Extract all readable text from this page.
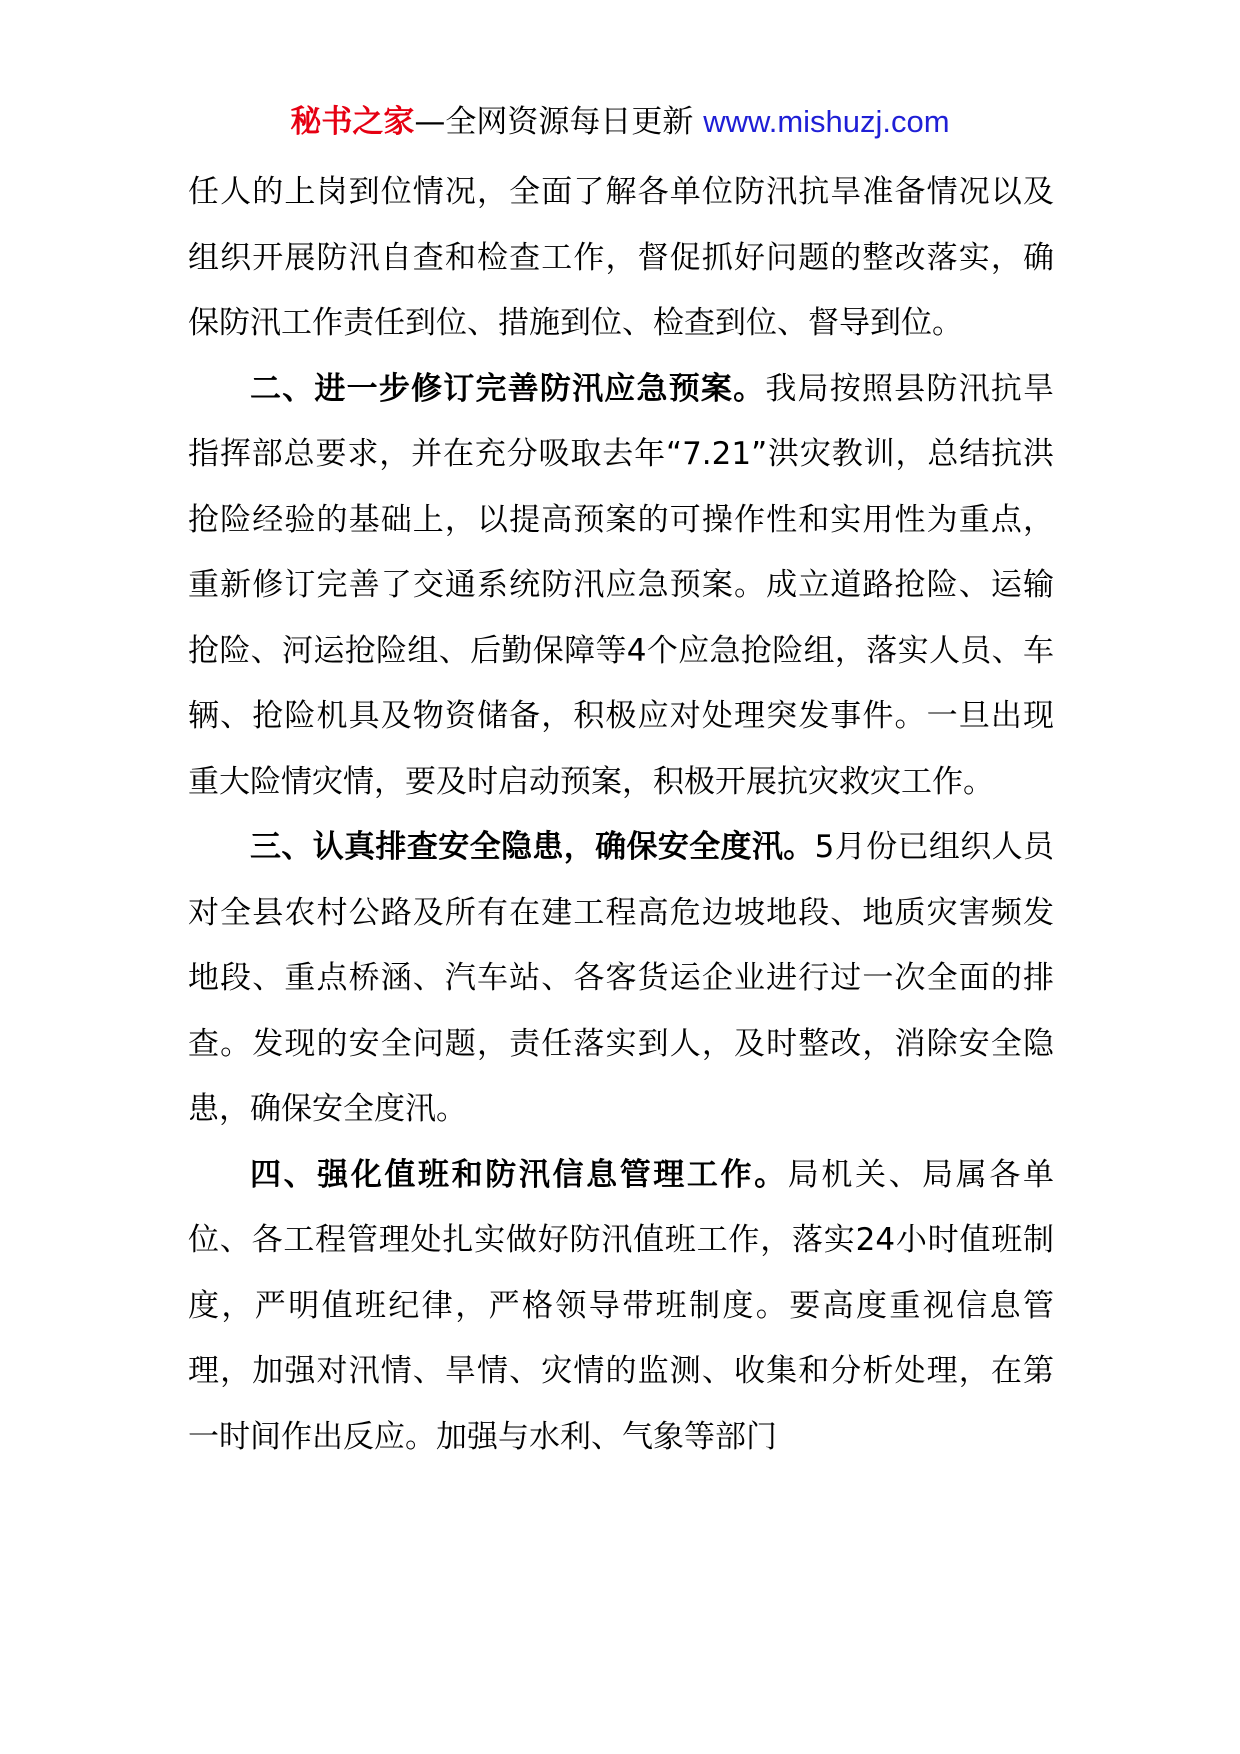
秘书之家—全网资源每日更新 www.mishuzj.com

任人的上岗到位情况，全面了解各单位防汛抗旱准备情况以及组织开展防汛自查和检查工作，督促抓好问题的整改落实，确保防汛工作责任到位、措施到位、检查到位、督导到位。

二、进一步修订完善防汛应急预案。我局按照县防汛抗旱指挥部总要求，并在充分吸取去年“7.21”洪灾教训，总结抗洪抢险经验的基础上，以提高预案的可操作性和实用性为重点，重新修订完善了交通系统防汛应急预案。成立道路抢险、运输抢险、河运抢险组、后勤保障等4个应急抢险组，落实人员、车辆、抢险机具及物资储备，积极应对处理突发事件。一旦出现重大险情灾情，要及时启动预案，积极开展抗灾救灾工作。

三、认真排查安全隐患，确保安全度汛。5月份已组织人员对全县农村公路及所有在建工程高危边坡地段、地质灾害频发地段、重点桥涵、汽车站、各客货运企业进行过一次全面的排查。发现的安全问题，责任落实到人，及时整改，消除安全隐患，确保安全度汛。

四、强化值班和防汛信息管理工作。局机关、局属各单位、各工程管理处扎实做好防汛值班工作，落实24小时值班制度，严明值班纪律，严格领导带班制度。要高度重视信息管理，加强对汛情、旱情、灾情的监测、收集和分析处理，在第一时间作出反应。加强与水利、气象等部门
